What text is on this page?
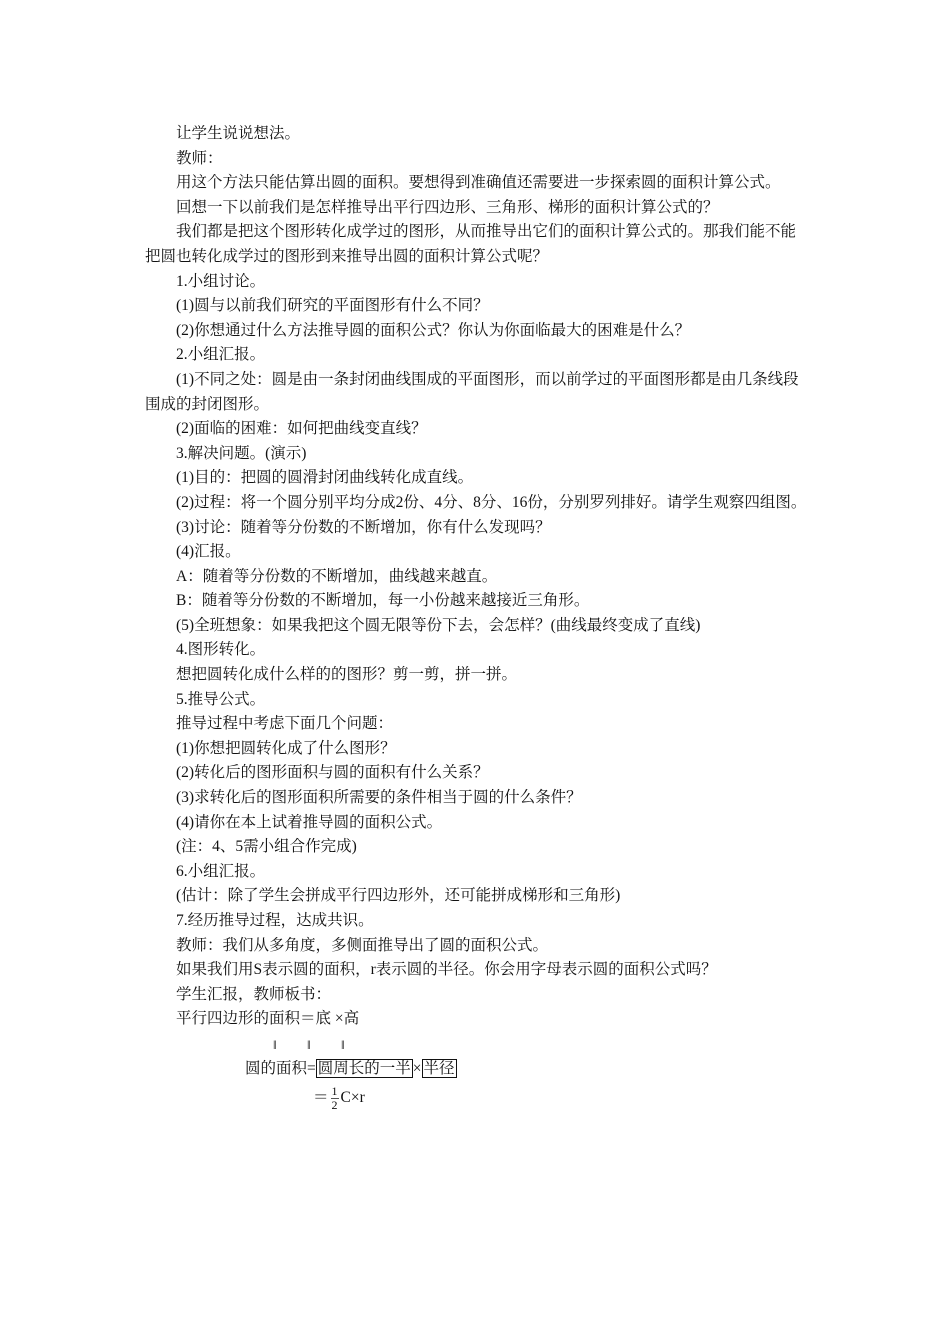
让学生说说想法。

教师：

用这个方法只能估算出圆的面积。要想得到准确值还需要进一步探索圆的面积计算公式。

回想一下以前我们是怎样推导出平行四边形、三角形、梯形的面积计算公式的？

我们都是把这个图形转化成学过的图形，从而推导出它们的面积计算公式的。那我们能不能把圆也转化成学过的图形到来推导出圆的面积计算公式呢？

1.小组讨论。

(1)圆与以前我们研究的平面图形有什么不同？

(2)你想通过什么方法推导圆的面积公式？你认为你面临最大的困难是什么？

2.小组汇报。

(1)不同之处：圆是由一条封闭曲线围成的平面图形，而以前学过的平面图形都是由几条线段围成的封闭图形。

(2)面临的困难：如何把曲线变直线？

3.解决问题。(演示)

(1)目的：把圆的圆滑封闭曲线转化成直线。

(2)过程：将一个圆分别平均分成2份、4分、8分、16份，分别罗列排好。请学生观察四组图。

(3)讨论：随着等分份数的不断增加，你有什么发现吗？

(4)汇报。

A：随着等分份数的不断增加，曲线越来越直。

B：随着等分份数的不断增加，每一小份越来越接近三角形。

(5)全班想象：如果我把这个圆无限等份下去，会怎样？(曲线最终变成了直线)

4.图形转化。

想把圆转化成什么样的的图形？剪一剪，拼一拼。

5.推导公式。

推导过程中考虑下面几个问题：

(1)你想把圆转化成了什么图形？

(2)转化后的图形面积与圆的面积有什么关系？

(3)求转化后的图形面积所需要的条件相当于圆的什么条件？

(4)请你在本上试着推导圆的面积公式。

(注：4、5需小组合作完成)

6.小组汇报。

(估计：除了学生会拼成平行四边形外，还可能拼成梯形和三角形)

7.经历推导过程，达成共识。

教师：我们从多角度，多侧面推导出了圆的面积公式。

如果我们用S表示圆的面积，r表示圆的半径。你会用字母表示圆的面积公式吗？

学生汇报，教师板书：

平行四边形的面积＝底 ×高
‖ ‖ ‖
圆的面积= 圆周长的一半 × 半径
＝ $\frac{1}{2} C\times r$
